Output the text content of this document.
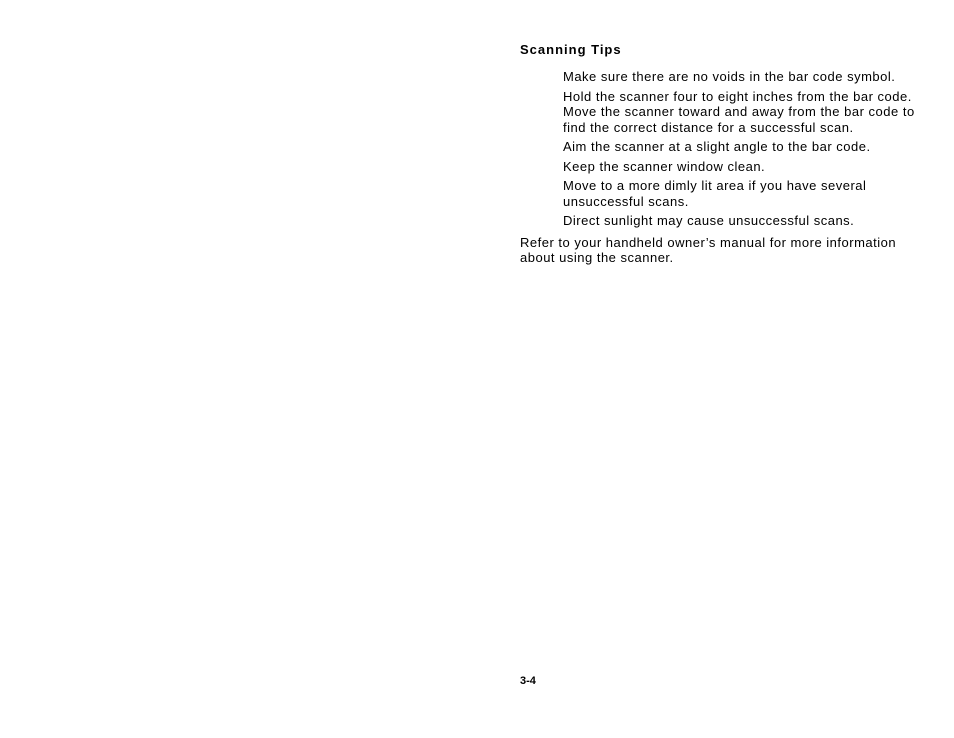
Scanning Tips
Make sure there are no voids in the bar code symbol.
Hold the scanner four to eight inches from the bar code. Move the scanner toward and away from the bar code to find the correct distance for a successful scan.
Aim the scanner at a slight angle to the bar code.
Keep the scanner window clean.
Move to a more dimly lit area if you have several unsuccessful scans.
Direct sunlight may cause unsuccessful scans.

Refer to your handheld owner’s manual for more information about using the scanner.

3-4
